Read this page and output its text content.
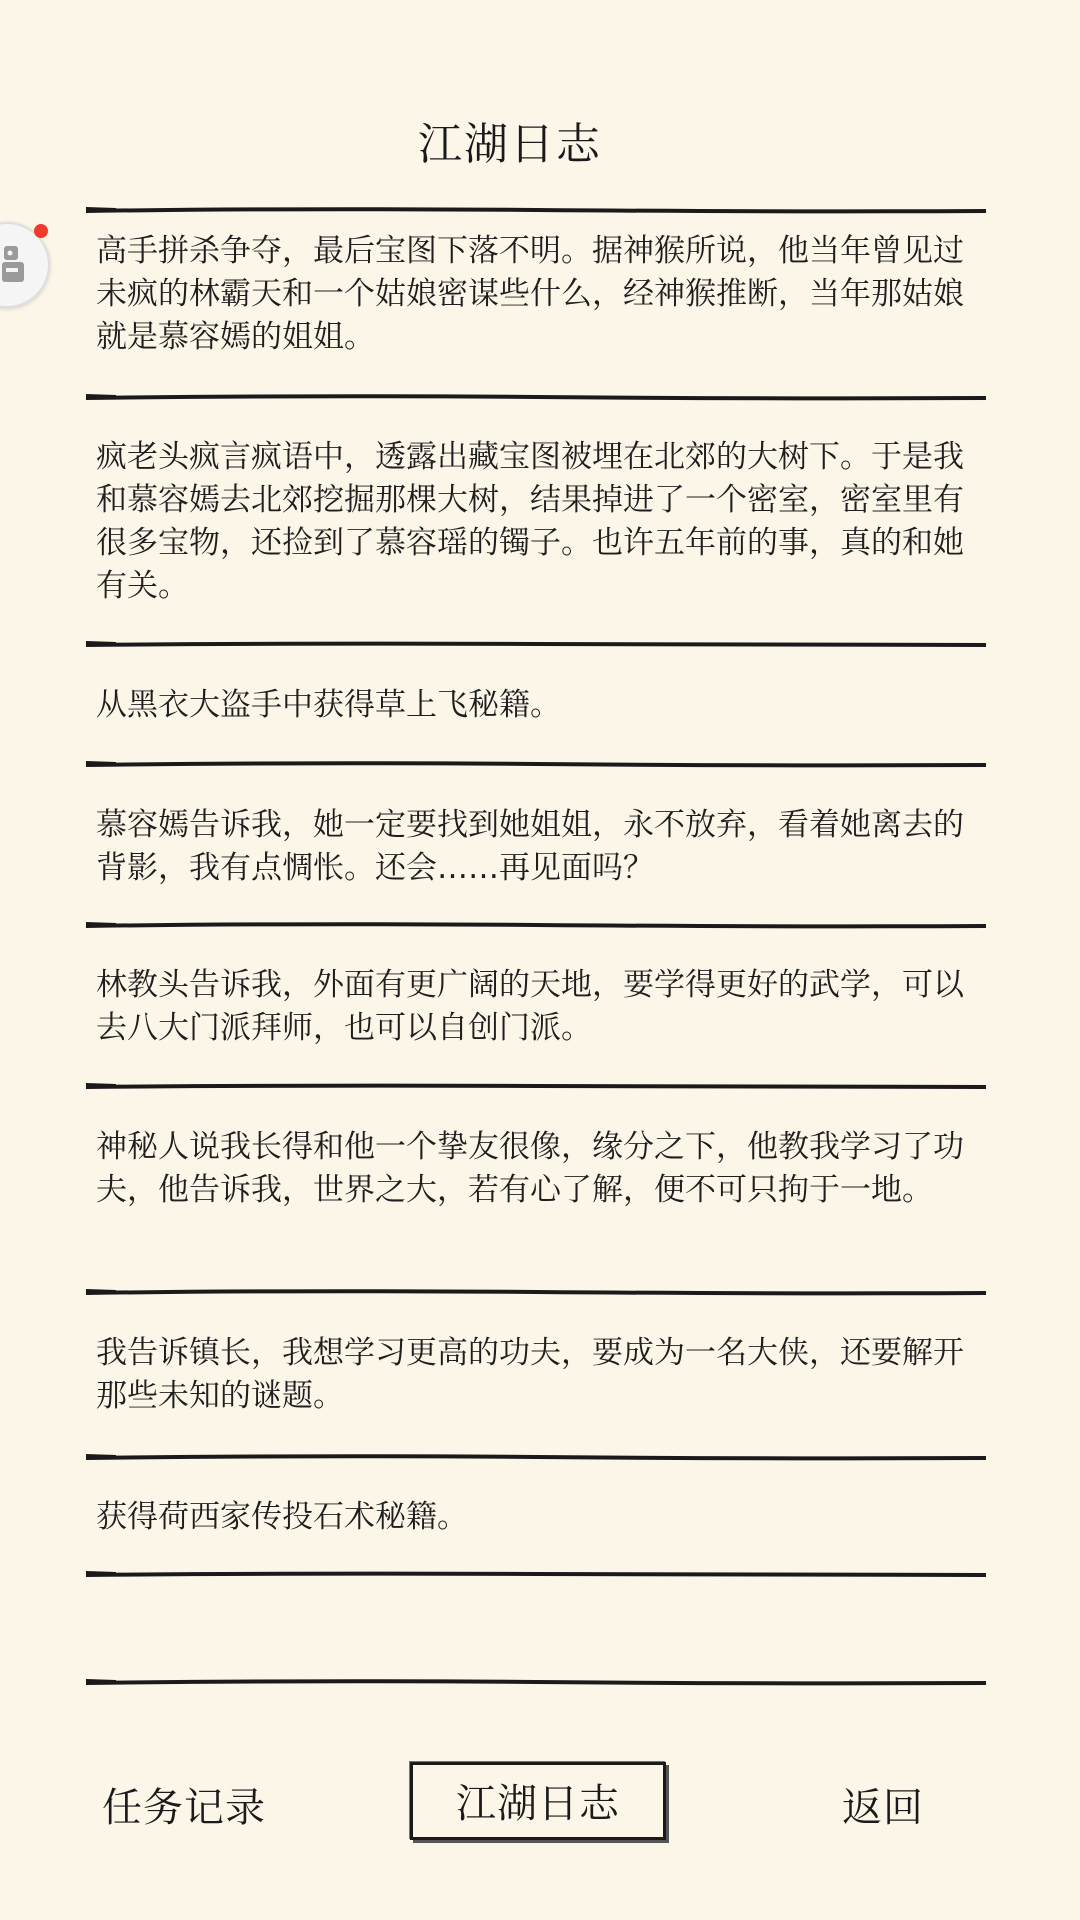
江湖日志
高手拼杀争夺，最后宝图下落不明。据神猴所说，他当年曾见过未疯的林霸天和一个姑娘密谋些什么，经神猴推断，当年那姑娘就是慕容嫣的姐姐。
疯老头疯言疯语中，透露出藏宝图被埋在北郊的大树下。于是我和慕容嫣去北郊挖掘那棵大树，结果掉进了一个密室，密室里有很多宝物，还捡到了慕容瑶的镯子。也许五年前的事，真的和她有关。
从黑衣大盗手中获得草上飞秘籍。
慕容嫣告诉我，她一定要找到她姐姐，永不放弃，看着她离去的背影，我有点惆怅。还会……再见面吗？
林教头告诉我，外面有更广阔的天地，要学得更好的武学，可以去八大门派拜师，也可以自创门派。
神秘人说我长得和他一个挚友很像，缘分之下，他教我学习了功夫，他告诉我，世界之大，若有心了解，便不可只拘于一地。
我告诉镇长，我想学习更高的功夫，要成为一名大侠，还要解开那些未知的谜题。
获得荷西家传投石术秘籍。
任务记录	江湖日志	返回
